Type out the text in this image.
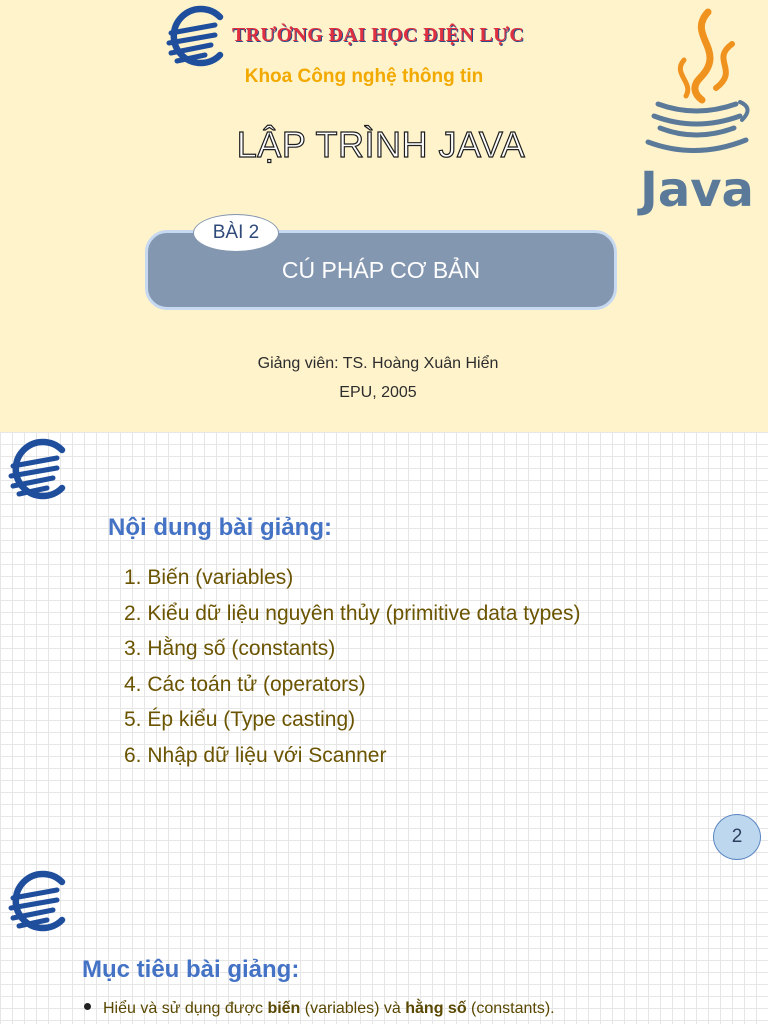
TRƯỜNG ĐẠI HỌC ĐIỆN LỰC
Khoa Công nghệ thông tin
LẬP TRÌNH JAVA
Java
CÚ PHÁP CƠ BẢN
BÀI 2
Giảng viên: TS. Hoàng Xuân Hiển
EPU, 2005
Nội dung bài giảng:
1. Biến (variables)
2. Kiểu dữ liệu nguyên thủy (primitive data types)
3. Hằng số (constants)
4. Các toán tử (operators)
5. Ép kiểu (Type casting)
6. Nhập dữ liệu với Scanner
2
Mục tiêu bài giảng:
Hiểu và sử dụng được biến (variables) và hằng số (constants).
